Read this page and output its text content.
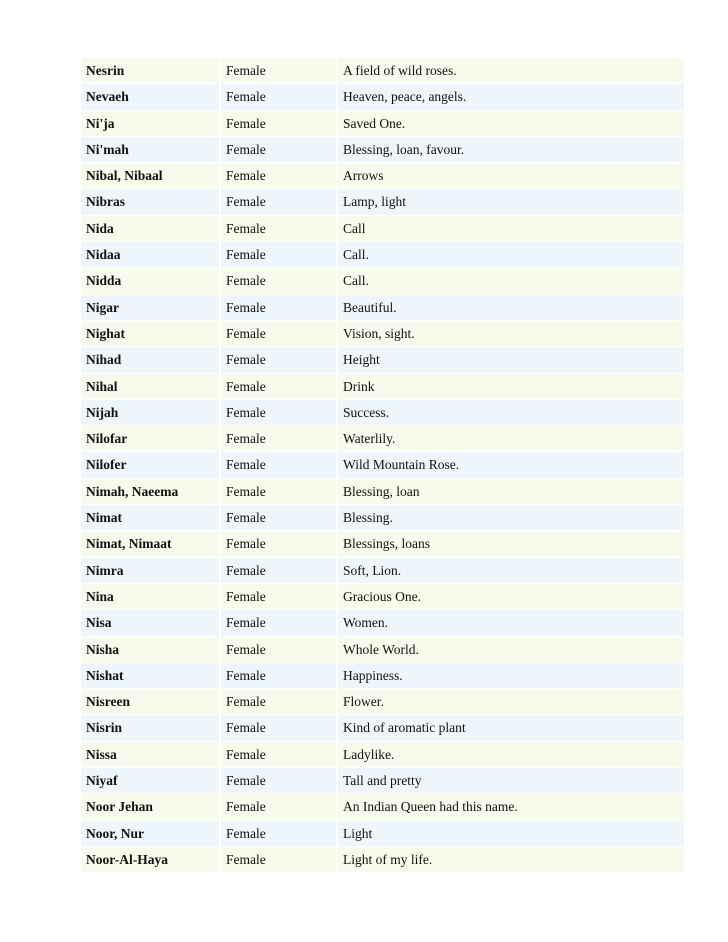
Nesrin	Female	A field of wild roses.
Nevaeh	Female	Heaven, peace, angels.
Ni'ja	Female	Saved One.
Ni'mah	Female	Blessing, loan, favour.
Nibal, Nibaal	Female	Arrows
Nibras	Female	Lamp, light
Nida	Female	Call
Nidaa	Female	Call.
Nidda	Female	Call.
Nigar	Female	Beautiful.
Nighat	Female	Vision, sight.
Nihad	Female	Height
Nihal	Female	Drink
Nijah	Female	Success.
Nilofar	Female	Waterlily.
Nilofer	Female	Wild Mountain Rose.
Nimah, Naeema	Female	Blessing, loan
Nimat	Female	Blessing.
Nimat, Nimaat	Female	Blessings, loans
Nimra	Female	Soft, Lion.
Nina	Female	Gracious One.
Nisa	Female	Women.
Nisha	Female	Whole World.
Nishat	Female	Happiness.
Nisreen	Female	Flower.
Nisrin	Female	Kind of aromatic plant
Nissa	Female	Ladylike.
Niyaf	Female	Tall and pretty
Noor Jehan	Female	An Indian Queen had this name.
Noor, Nur	Female	Light
Noor-Al-Haya	Female	Light of my life.
